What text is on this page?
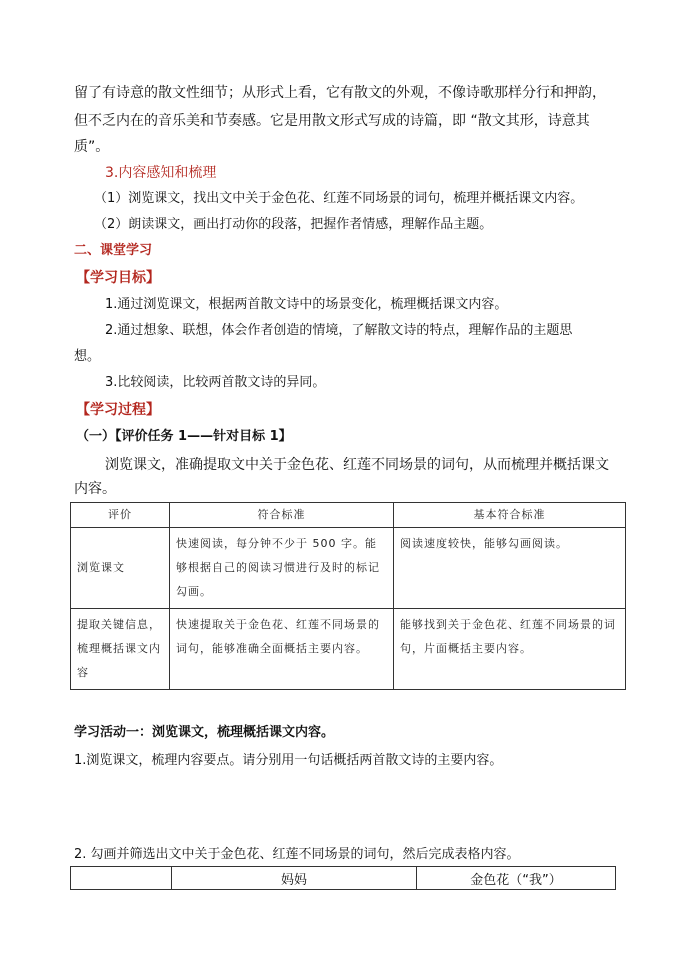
留了有诗意的散文性细节；从形式上看，它有散文的外观，不像诗歌那样分行和押韵，
但不乏内在的音乐美和节奏感。它是用散文形式写成的诗篇，即 “散文其形，诗意其
质”。
3.内容感知和梳理
（1）浏览课文，找出文中关于金色花、红莲不同场景的词句，梳理并概括课文内容。
（2）朗读课文，画出打动你的段落，把握作者情感，理解作品主题。
二、课堂学习
【学习目标】
1.通过浏览课文，根据两首散文诗中的场景变化，梳理概括课文内容。
2.通过想象、联想，体会作者创造的情境，了解散文诗的特点，理解作品的主题思
想。
3.比较阅读，比较两首散文诗的异同。
【学习过程】
（一）【评价任务 1——针对目标 1】
浏览课文，准确提取文中关于金色花、红莲不同场景的词句，从而梳理并概括课文
内容。
评价	符合标准	基本符合标准
浏览课文	快速阅读，每分钟不少于 500 字。能够根据自己的阅读习惯进行及时的标记勾画。	阅读速度较快，能够勾画阅读。
提取关键信息，梳理概括课文内容	快速提取关于金色花、红莲不同场景的词句，能够准确全面概括主要内容。	能够找到关于金色花、红莲不同场景的词句，片面概括主要内容。
学习活动一：浏览课文，梳理概括课文内容。
1.浏览课文，梳理内容要点。请分别用一句话概括两首散文诗的主要内容。
2. 勾画并筛选出文中关于金色花、红莲不同场景的词句，然后完成表格内容。
	妈妈	金色花（“我”）
